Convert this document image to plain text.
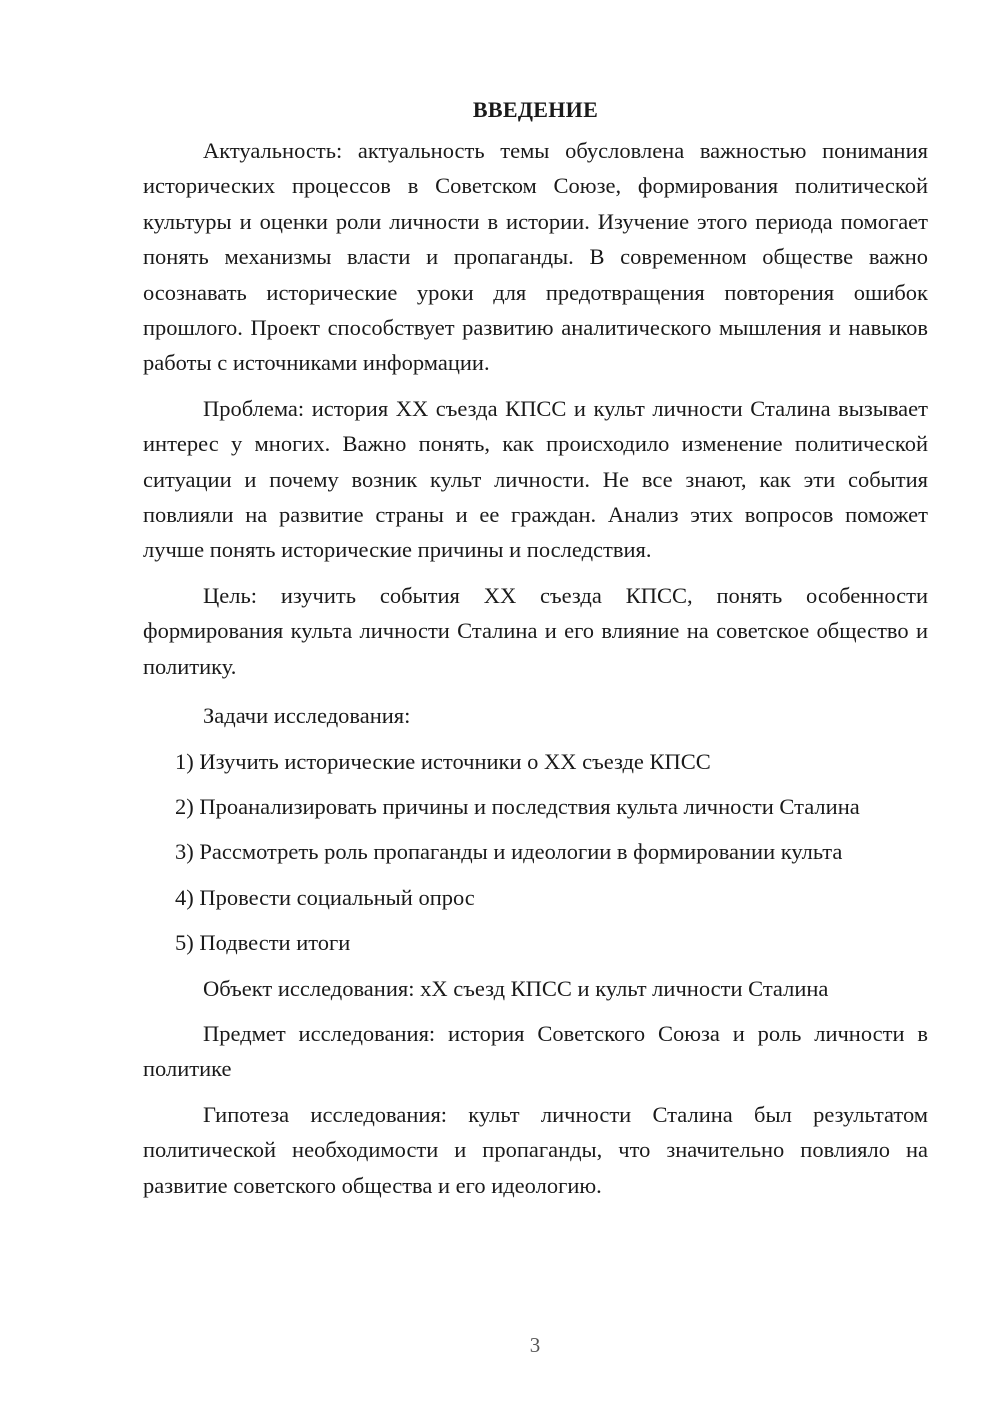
ВВЕДЕНИЕ

Актуальность: актуальность темы обусловлена важностью понимания исторических процессов в Советском Союзе, формирования политической культуры и оценки роли личности в истории. Изучение этого периода помогает понять механизмы власти и пропаганды. В современном обществе важно осознавать исторические уроки для предотвращения повторения ошибок прошлого. Проект способствует развитию аналитического мышления и навыков работы с источниками информации.

Проблема: история XX съезда КПСС и культ личности Сталина вызывает интерес у многих. Важно понять, как происходило изменение политической ситуации и почему возник культ личности. Не все знают, как эти события повлияли на развитие страны и ее граждан. Анализ этих вопросов поможет лучше понять исторические причины и последствия.

Цель: изучить события XX съезда КПСС, понять особенности формирования культа личности Сталина и его влияние на советское общество и политику.

Задачи исследования:

1) Изучить исторические источники о XX съезде КПСС

2) Проанализировать причины и последствия культа личности Сталина

3) Рассмотреть роль пропаганды и идеологии в формировании культа

4) Провести социальный опрос

5) Подвести итоги

Объект исследования: xX съезд КПСС и культ личности Сталина

Предмет исследования: история Советского Союза и роль личности в политике

Гипотеза исследования: культ личности Сталина был результатом политической необходимости и пропаганды, что значительно повлияло на развитие советского общества и его идеологию.

3
